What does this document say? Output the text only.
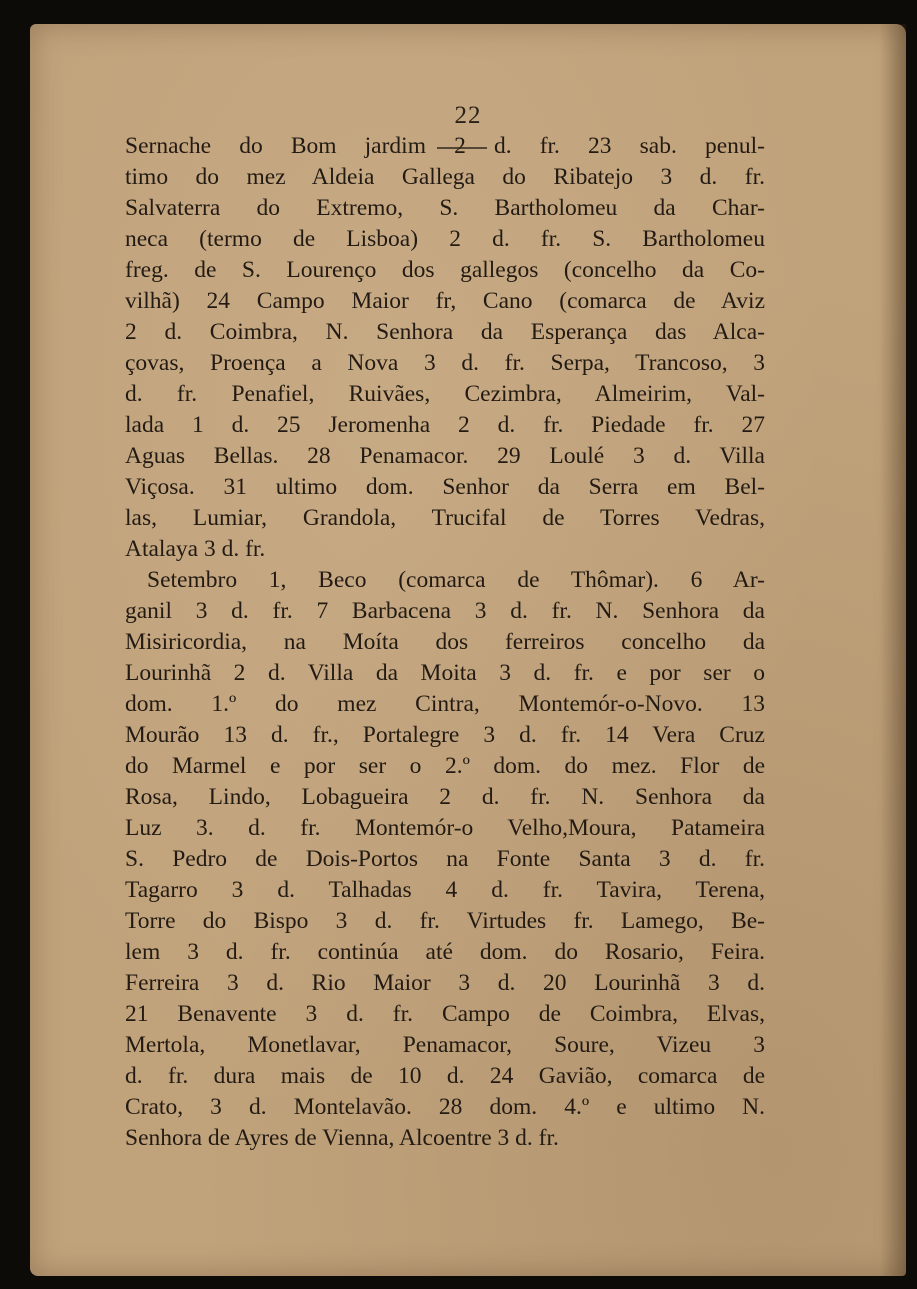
22
Sernache do Bom jardim 2 d. fr. 23 sab. penul-
timo do mez Aldeia Gallega do Ribatejo 3 d. fr.
Salvaterra do Extremo, S. Bartholomeu da Char-
neca (termo de Lisboa) 2 d. fr. S. Bartholomeu
freg. de S. Lourenço dos gallegos (concelho da Co-
vilhã) 24 Campo Maior fr, Cano (comarca de Aviz
2 d. Coimbra, N. Senhora da Esperança das Alca-
çovas, Proença a Nova 3 d. fr. Serpa, Trancoso, 3
d. fr. Penafiel, Ruivães, Cezimbra, Almeirim, Val-
lada 1 d. 25 Jeromenha 2 d. fr. Piedade fr. 27
Aguas Bellas. 28 Penamacor. 29 Loulé 3 d. Villa
Viçosa. 31 ultimo dom. Senhor da Serra em Bel-
las, Lumiar, Grandola, Trucifal de Torres Vedras,
Atalaya 3 d. fr.
Setembro 1, Beco (comarca de Thômar). 6 Ar-
ganil 3 d. fr. 7 Barbacena 3 d. fr. N. Senhora da
Misiricordia, na Moíta dos ferreiros concelho da
Lourinhã 2 d. Villa da Moita 3 d. fr. e por ser o
dom. 1.º do mez Cintra, Montemór-o-Novo. 13
Mourão 13 d. fr., Portalegre 3 d. fr. 14 Vera Cruz
do Marmel e por ser o 2.º dom. do mez. Flor de
Rosa, Lindo, Lobagueira 2 d. fr. N. Senhora da
Luz 3. d. fr. Montemór-o Velho,Moura, Patameira
S. Pedro de Dois-Portos na Fonte Santa 3 d. fr.
Tagarro 3 d. Talhadas 4 d. fr. Tavira, Terena,
Torre do Bispo 3 d. fr. Virtudes fr. Lamego, Be-
lem 3 d. fr. continúa até dom. do Rosario, Feira.
Ferreira 3 d. Rio Maior 3 d. 20 Lourinhã 3 d.
21 Benavente 3 d. fr. Campo de Coimbra, Elvas,
Mertola, Monetlavar, Penamacor, Soure, Vizeu 3
d. fr. dura mais de 10 d. 24 Gavião, comarca de
Crato, 3 d. Montelavão. 28 dom. 4.º e ultimo N.
Senhora de Ayres de Vienna, Alcoentre 3 d. fr.
